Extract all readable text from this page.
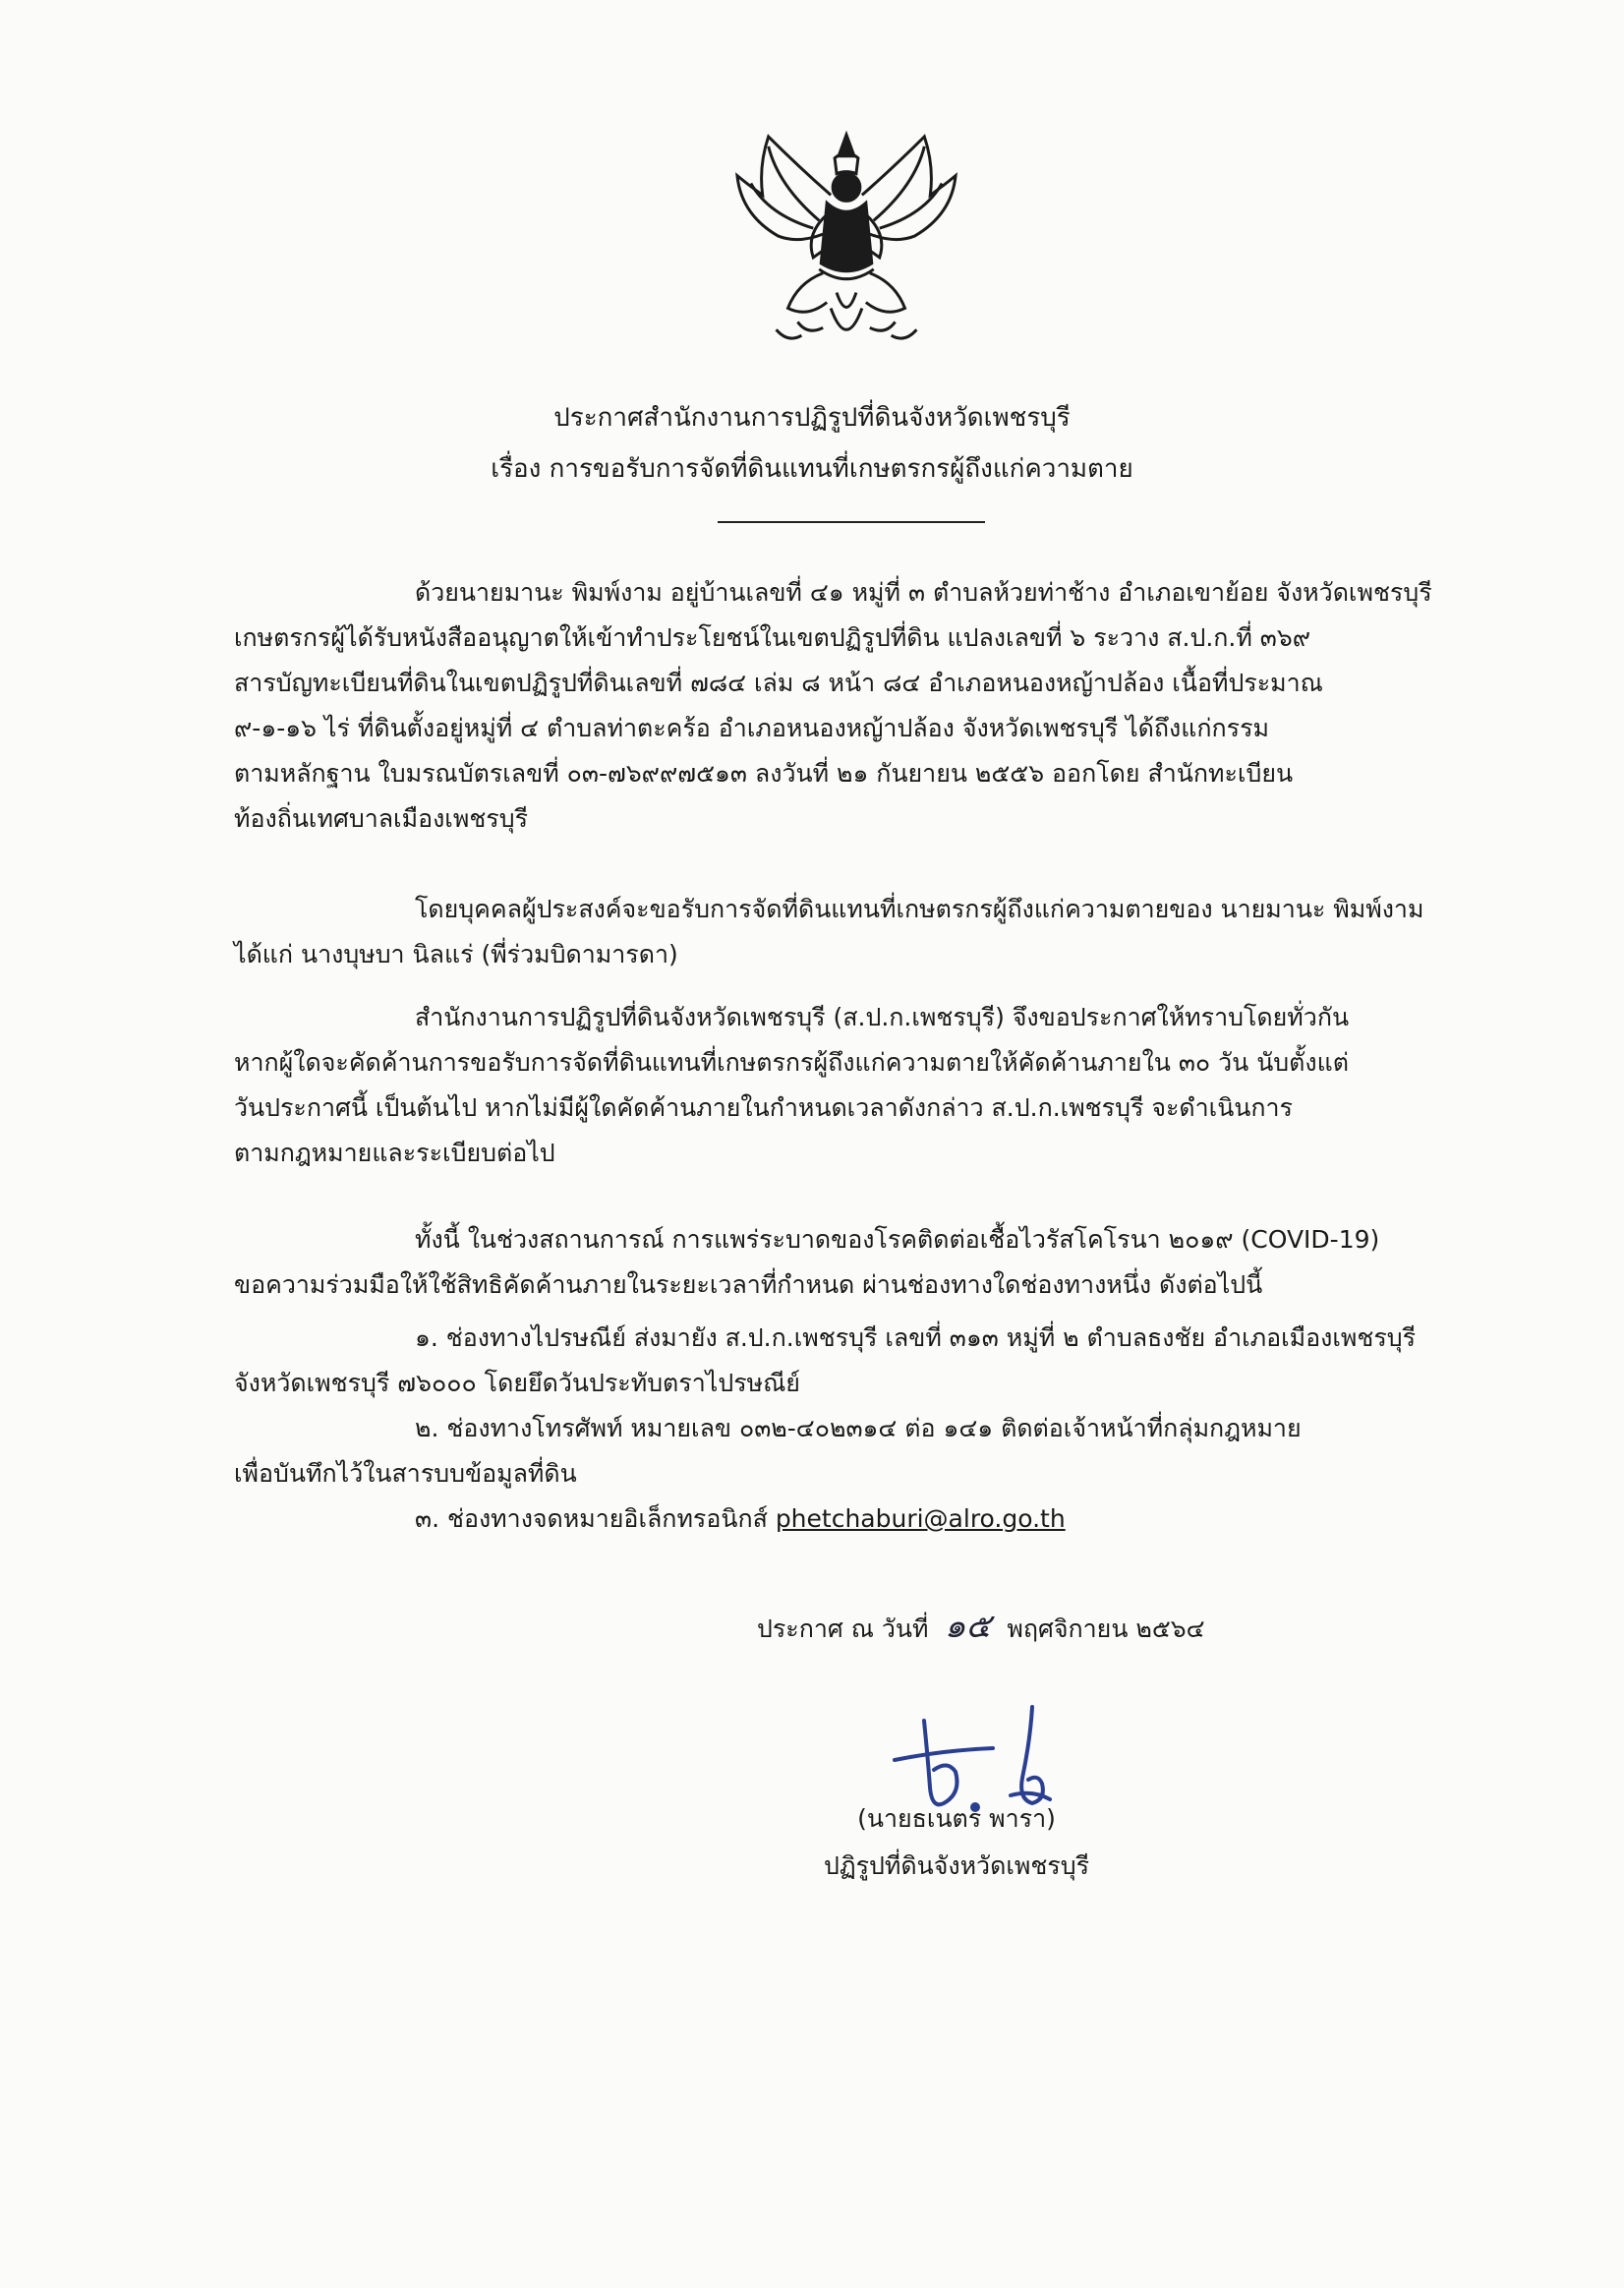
ประกาศสำนักงานการปฏิรูปที่ดินจังหวัดเพชรบุรี
เรื่อง การขอรับการจัดที่ดินแทนที่เกษตรกรผู้ถึงแก่ความตาย
ด้วยนายมานะ พิมพ์งาม อยู่บ้านเลขที่ ๔๑ หมู่ที่ ๓ ตำบลห้วยท่าช้าง อำเภอเขาย้อย จังหวัดเพชรบุรี
เกษตรกรผู้ได้รับหนังสืออนุญาตให้เข้าทำประโยชน์ในเขตปฏิรูปที่ดิน แปลงเลขที่ ๖ ระวาง ส.ป.ก.ที่ ๓๖๙
สารบัญทะเบียนที่ดินในเขตปฏิรูปที่ดินเลขที่ ๗๘๔ เล่ม ๘ หน้า ๘๔ อำเภอหนองหญ้าปล้อง เนื้อที่ประมาณ
๙-๑-๑๖ ไร่ ที่ดินตั้งอยู่หมู่ที่ ๔ ตำบลท่าตะคร้อ อำเภอหนองหญ้าปล้อง จังหวัดเพชรบุรี ได้ถึงแก่กรรม
ตามหลักฐาน ใบมรณบัตรเลขที่ ๐๓-๗๖๙๙๗๕๑๓ ลงวันที่ ๒๑ กันยายน ๒๕๕๖ ออกโดย สำนักทะเบียน
ท้องถิ่นเทศบาลเมืองเพชรบุรี
โดยบุคคลผู้ประสงค์จะขอรับการจัดที่ดินแทนที่เกษตรกรผู้ถึงแก่ความตายของ นายมานะ พิมพ์งาม
ได้แก่ นางบุษบา นิลแร่ (พี่ร่วมบิดามารดา)
สำนักงานการปฏิรูปที่ดินจังหวัดเพชรบุรี (ส.ป.ก.เพชรบุรี) จึงขอประกาศให้ทราบโดยทั่วกัน
หากผู้ใดจะคัดค้านการขอรับการจัดที่ดินแทนที่เกษตรกรผู้ถึงแก่ความตายให้คัดค้านภายใน ๓๐ วัน นับตั้งแต่
วันประกาศนี้ เป็นต้นไป หากไม่มีผู้ใดคัดค้านภายในกำหนดเวลาดังกล่าว ส.ป.ก.เพชรบุรี จะดำเนินการ
ตามกฎหมายและระเบียบต่อไป
ทั้งนี้ ในช่วงสถานการณ์ การแพร่ระบาดของโรคติดต่อเชื้อไวรัสโคโรนา ๒๐๑๙ (COVID-19)
ขอความร่วมมือให้ใช้สิทธิคัดค้านภายในระยะเวลาที่กำหนด ผ่านช่องทางใดช่องทางหนึ่ง ดังต่อไปนี้
๑. ช่องทางไปรษณีย์ ส่งมายัง ส.ป.ก.เพชรบุรี เลขที่ ๓๑๓ หมู่ที่ ๒ ตำบลธงชัย อำเภอเมืองเพชรบุรี
จังหวัดเพชรบุรี ๗๖๐๐๐ โดยยึดวันประทับตราไปรษณีย์
๒. ช่องทางโทรศัพท์ หมายเลข ๐๓๒-๔๐๒๓๑๔ ต่อ ๑๔๑ ติดต่อเจ้าหน้าที่กลุ่มกฎหมาย
เพื่อบันทึกไว้ในสารบบข้อมูลที่ดิน
๓. ช่องทางจดหมายอิเล็กทรอนิกส์ phetchaburi@alro.go.th
ประกาศ ณ วันที่ ๑๕ พฤศจิกายน ๒๕๖๔
(นายธเนตร พารา)
ปฏิรูปที่ดินจังหวัดเพชรบุรี
